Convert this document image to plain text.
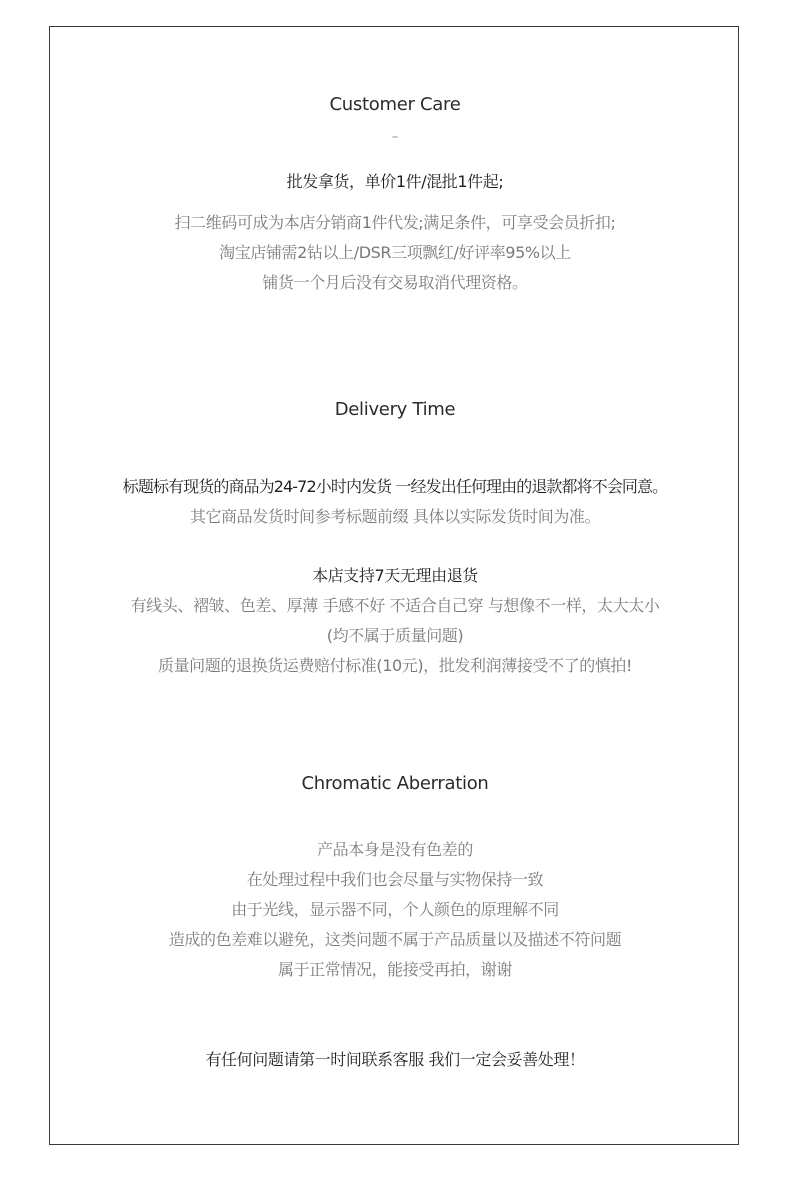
Customer Care
–
批发拿货，单价1件/混批1件起;
扫二维码可成为本店分销商1件代发;满足条件，可享受会员折扣;
淘宝店铺需2钻以上/DSR三项飘红/好评率95%以上
铺货一个月后没有交易取消代理资格。
Delivery Time
标题标有现货的商品为24-72小时内发货 一经发出任何理由的退款都将不会同意。
其它商品发货时间参考标题前缀 具体以实际发货时间为准。
本店支持7天无理由退货
有线头、褶皱、色差、厚薄 手感不好 不适合自己穿 与想像不一样，太大太小
(均不属于质量问题)
质量问题的退换货运费赔付标准(10元)，批发利润薄接受不了的慎拍!
Chromatic Aberration
产品本身是没有色差的
在处理过程中我们也会尽量与实物保持一致
由于光线，显示器不同，个人颜色的原理解不同
造成的色差难以避免，这类问题不属于产品质量以及描述不符问题
属于正常情况，能接受再拍，谢谢
有任何问题请第一时间联系客服 我们一定会妥善处理！
